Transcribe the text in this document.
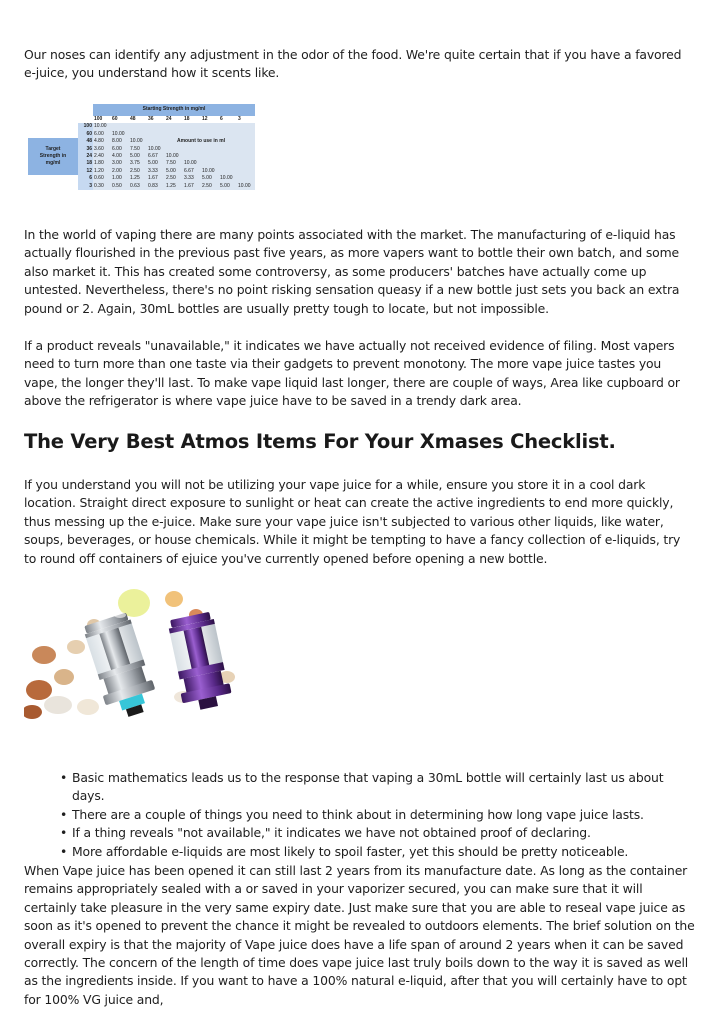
Our noses can identify any adjustment in the odor of the food. We're quite certain that if you have a favored e-juice, you understand how it scents like.

		Starting Strength in mg/ml								
		100	60	48	36	24	18	12	6	3
	100	10.00								
	60	6.00	10.00							

Target
Strength in
mg/ml	48	4.80	8.00	10.00	Amount to use in ml					
	36	3.60	6.00	7.50	10.00					
	24	2.40	4.00	5.00	6.67	10.00				
	18	1.80	3.00	3.75	5.00	7.50	10.00			
	12	1.20	2.00	2.50	3.33	5.00	6.67	10.00		
	6	0.60	1.00	1.25	1.67	2.50	3.33	5.00	10.00	
	3	0.30	0.50	0.63	0.83	1.25	1.67	2.50	5.00	10.00

In the world of vaping there are many points associated with the market. The manufacturing of e-liquid has actually flourished in the previous past five years, as more vapers want to bottle their own batch, and some also market it. This has created some controversy, as some producers' batches have actually come up untested. Nevertheless, there's no point risking sensation queasy if a new bottle just sets you back an extra pound or 2. Again, 30mL bottles are usually pretty tough to locate, but not impossible.

If a product reveals "unavailable," it indicates we have actually not received evidence of filing. Most vapers need to turn more than one taste via their gadgets to prevent monotony. The more vape juice tastes you vape, the longer they'll last. To make vape liquid last longer, there are couple of ways, Area like cupboard or above the refrigerator is where vape juice have to be saved in a trendy dark area.

The Very Best Atmos Items For Your Xmases Checklist.

If you understand you will not be utilizing your vape juice for a while, ensure you store it in a cool dark location. Straight direct exposure to sunlight or heat can create the active ingredients to end more quickly, thus messing up the e-juice. Make sure your vape juice isn't subjected to various other liquids, like water, soups, beverages, or house chemicals. While it might be tempting to have a fancy collection of e-liquids, try to round off containers of ejuice you've currently opened before opening a new bottle.

• Basic mathematics leads us to the response that vaping a 30mL bottle will certainly last us about days.
• There are a couple of things you need to think about in determining how long vape juice lasts.
• If a thing reveals "not available," it indicates we have not obtained proof of declaring.
• More affordable e-liquids are most likely to spoil faster, yet this should be pretty noticeable.

When Vape juice has been opened it can still last 2 years from its manufacture date. As long as the container remains appropriately sealed with a or saved in your vaporizer secured, you can make sure that it will certainly take pleasure in the very same expiry date. Just make sure that you are able to reseal vape juice as soon as it's opened to prevent the chance it might be revealed to outdoors elements. The brief solution on the overall expiry is that the majority of Vape juice does have a life span of around 2 years when it can be saved correctly. The concern of the length of time does vape juice last truly boils down to the way it is saved as well as the ingredients inside. If you want to have a 100% natural e-liquid, after that you will certainly have to opt for 100% VG juice and,
